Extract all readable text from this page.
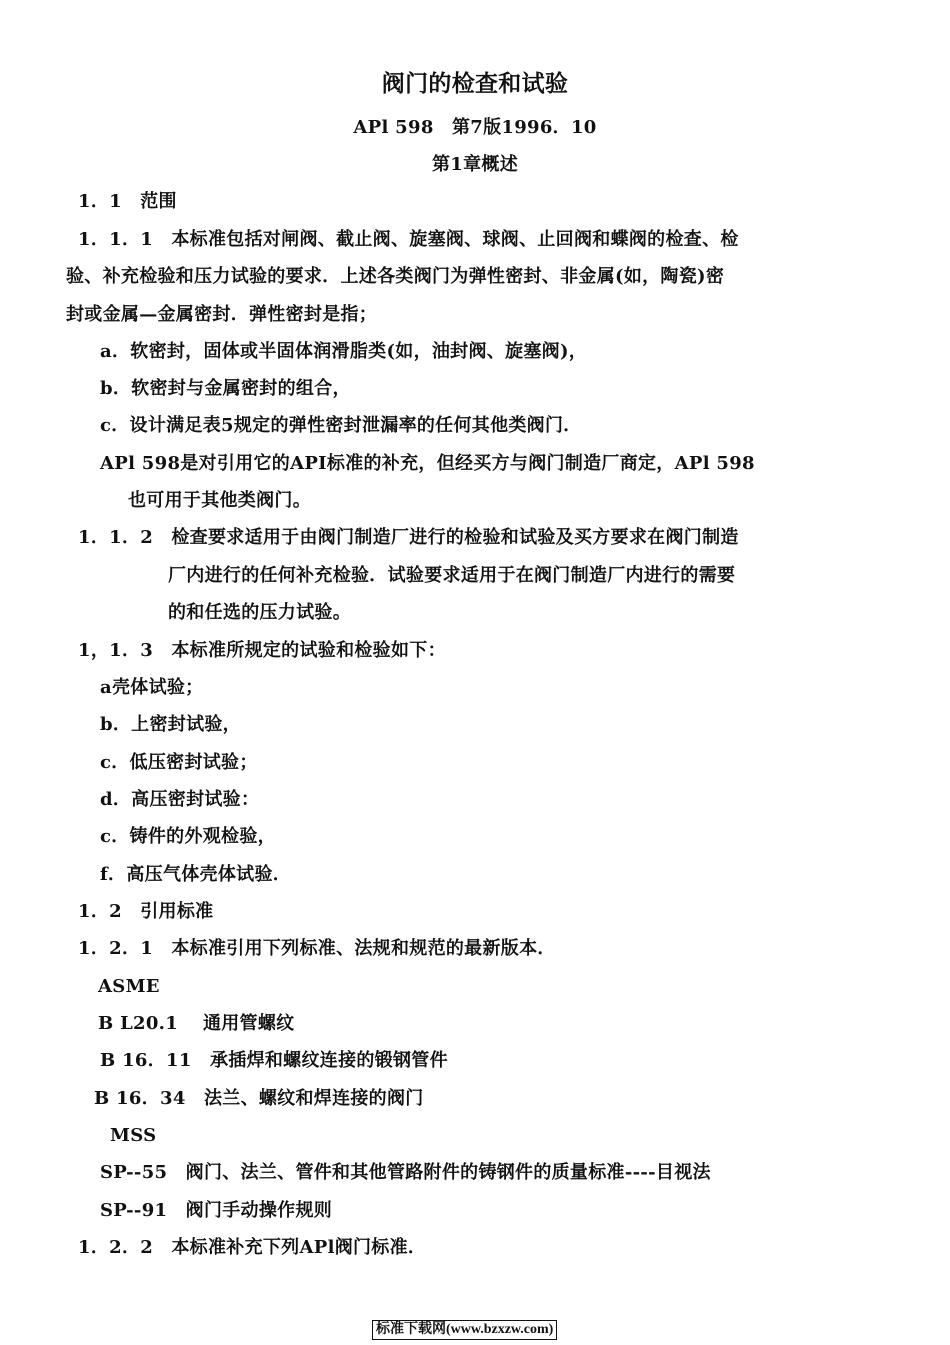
阀门的检查和试验
APl 598　第7版1996．10
第1章概述
1．1　范围
1．1．1　本标准包括对闸阀、截止阀、旋塞阀、球阀、止回阀和蝶阀的检查、检
验、补充检验和压力试验的要求．上述各类阀门为弹性密封、非金属(如，陶瓷)密
封或金属—金属密封．弹性密封是指；
a．软密封，固体或半固体润滑脂类(如，油封阀、旋塞阀)，
b．软密封与金属密封的组合，
c．设计满足表5规定的弹性密封泄漏率的任何其他类阀门．
APl 598是对引用它的API标准的补充，但经买方与阀门制造厂商定，APl 598
也可用于其他类阀门。
1．1．2　检查要求适用于由阀门制造厂进行的检验和试验及买方要求在阀门制造
厂内进行的任何补充检验．试验要求适用于在阀门制造厂内进行的需要
的和任选的压力试验。
1，1．3　本标准所规定的试验和检验如下：
a壳体试验；
b．上密封试验，
c．低压密封试验；
d．高压密封试验：
c．铸件的外观检验，
f．高压气体壳体试验．
1．2　引用标准
1．2．1　本标准引用下列标准、法规和规范的最新版本．
ASME
B L20.1　 通用管螺纹
B 16．11　承插焊和螺纹连接的锻钢管件
B 16．34　法兰、螺纹和焊连接的阀门
MSS
SP--55　阀门、法兰、管件和其他管路附件的铸钢件的质量标准----目视法
SP--91　阀门手动操作规则
1．2．2　本标准补充下列APl阀门标准．
标准下载网(www.bzxzw.com)
